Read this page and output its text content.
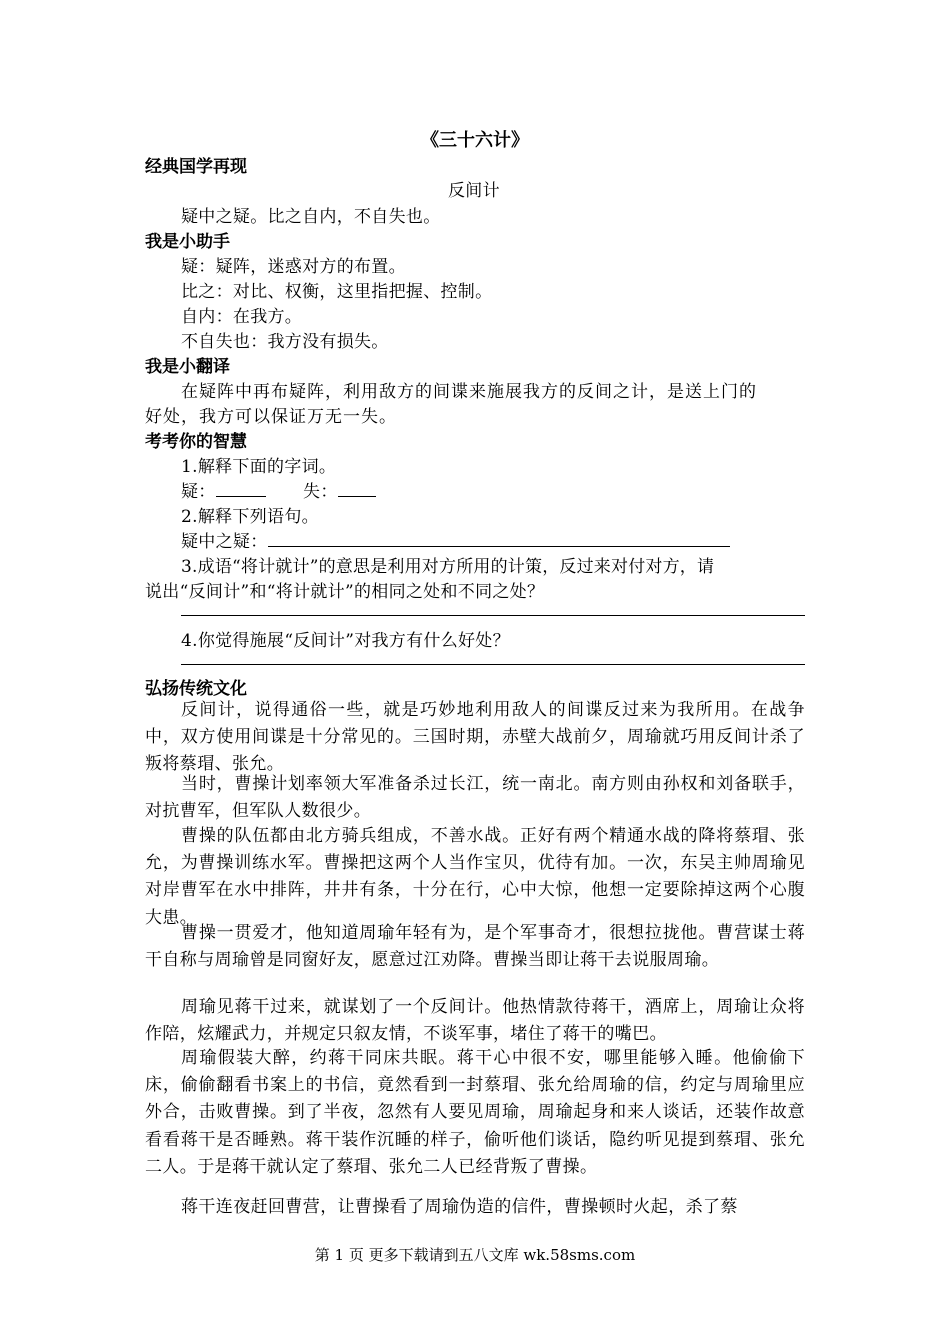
《三十六计》
经典国学再现
反间计
疑中之疑。比之自内，不自失也。
我是小助手
疑：疑阵，迷惑对方的布置。
比之：对比、权衡，这里指把握、控制。
自内：在我方。
不自失也：我方没有损失。
我是小翻译
在疑阵中再布疑阵，利用敌方的间谍来施展我方的反间之计，是送上门的
好处，我方可以保证万无一失。
考考你的智慧
1.解释下面的字词。
疑：	失：
2.解释下列语句。
疑中之疑：
3.成语“将计就计”的意思是利用对方所用的计策，反过来对付对方，请
说出“反间计”和“将计就计”的相同之处和不同之处？
4.你觉得施展“反间计”对我方有什么好处？
弘扬传统文化
反间计，说得通俗一些，就是巧妙地利用敌人的间谍反过来为我所用。在战争中，双方使用间谍是十分常见的。三国时期，赤壁大战前夕，周瑜就巧用反间计杀了叛将蔡瑁、张允。
当时，曹操计划率领大军准备杀过长江，统一南北。南方则由孙权和刘备联手，对抗曹军，但军队人数很少。
曹操的队伍都由北方骑兵组成，不善水战。正好有两个精通水战的降将蔡瑁、张允，为曹操训练水军。曹操把这两个人当作宝贝，优待有加。一次，东吴主帅周瑜见对岸曹军在水中排阵，井井有条，十分在行，心中大惊，他想一定要除掉这两个心腹大患。
曹操一贯爱才，他知道周瑜年轻有为，是个军事奇才，很想拉拢他。曹营谋士蒋干自称与周瑜曾是同窗好友，愿意过江劝降。曹操当即让蒋干去说服周瑜。
周瑜见蒋干过来，就谋划了一个反间计。他热情款待蒋干，酒席上，周瑜让众将作陪，炫耀武力，并规定只叙友情，不谈军事，堵住了蒋干的嘴巴。
周瑜假装大醉，约蒋干同床共眠。蒋干心中很不安，哪里能够入睡。他偷偷下床，偷偷翻看书案上的书信，竟然看到一封蔡瑁、张允给周瑜的信，约定与周瑜里应外合，击败曹操。到了半夜，忽然有人要见周瑜，周瑜起身和来人谈话，还装作故意看看蒋干是否睡熟。蒋干装作沉睡的样子，偷听他们谈话，隐约听见提到蔡瑁、张允二人。于是蒋干就认定了蔡瑁、张允二人已经背叛了曹操。
蒋干连夜赶回曹营，让曹操看了周瑜伪造的信件，曹操顿时火起，杀了蔡
第 1 页 更多下载请到五八文库 wk.58sms.com
